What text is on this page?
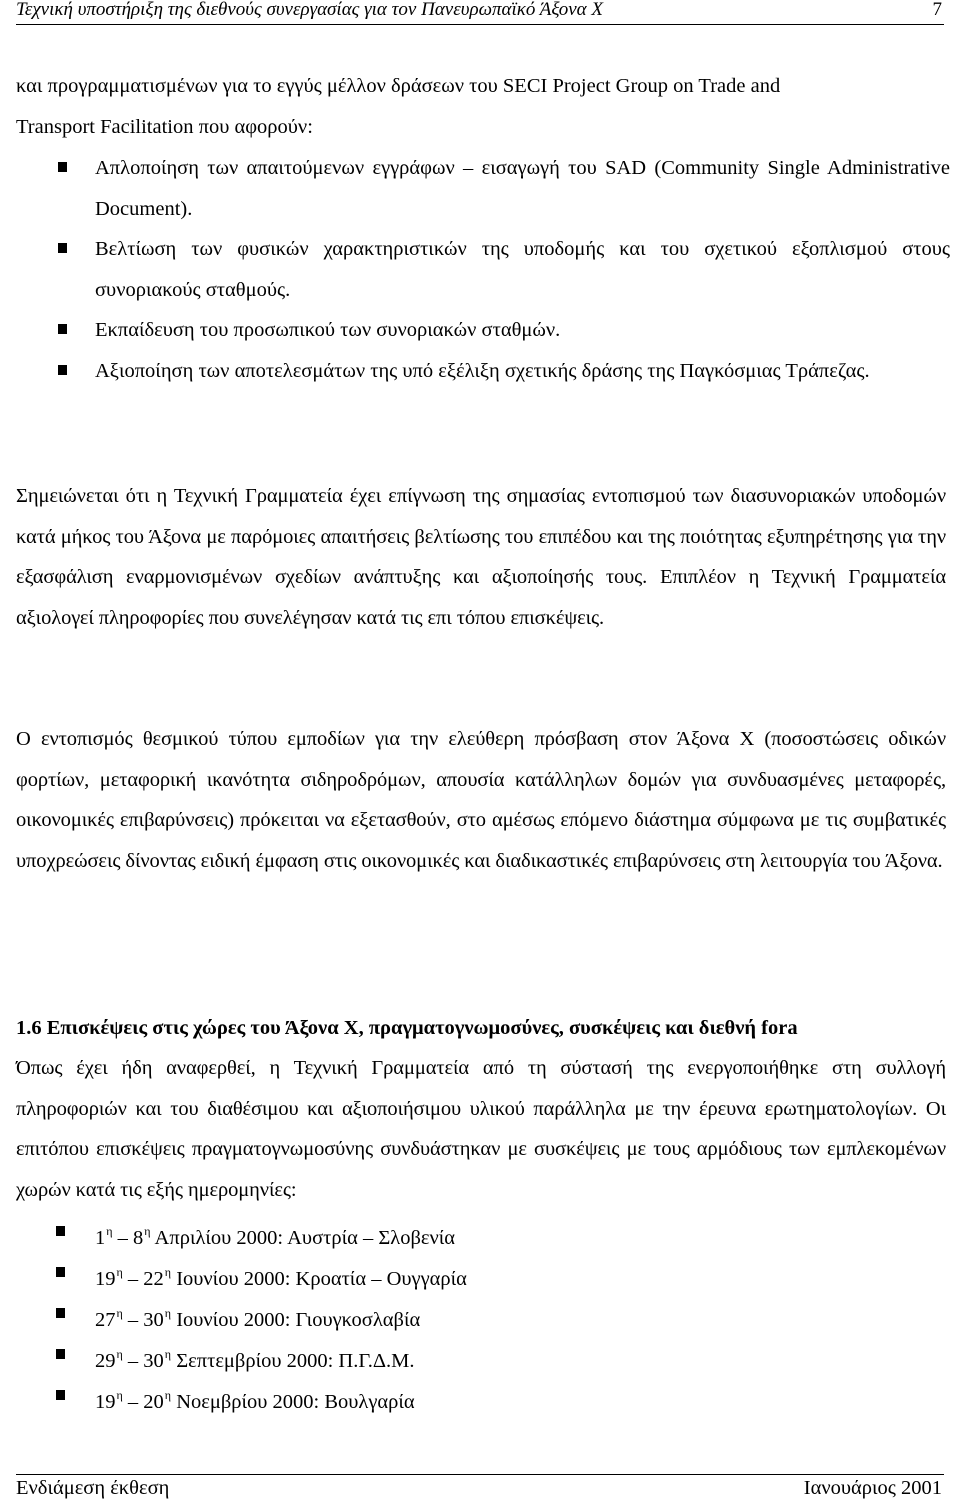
Τεχνική υποστήριξη της διεθνούς συνεργασίας για τον Πανευρωπαϊκό Άξονα Χ	7

και προγραμματισμένων για το εγγύς μέλλον δράσεων του SECI Project Group on Trade and

Transport Facilitation που αφορούν:

Απλοποίηση των απαιτούμενων εγγράφων – εισαγωγή του SAD (Community Single Administrative Document).

Βελτίωση των φυσικών χαρακτηριστικών της υποδομής και του σχετικού εξοπλισμού στους συνοριακούς σταθμούς.

Εκπαίδευση του προσωπικού των συνοριακών σταθμών.

Αξιοποίηση των αποτελεσμάτων της υπό εξέλιξη σχετικής δράσης της Παγκόσμιας Τράπεζας.

Σημειώνεται ότι η Τεχνική Γραμματεία έχει επίγνωση της σημασίας εντοπισμού των διασυνοριακών υποδομών κατά μήκος του Άξονα με παρόμοιες απαιτήσεις βελτίωσης του επιπέδου και της ποιότητας εξυπηρέτησης για την εξασφάλιση εναρμονισμένων σχεδίων ανάπτυξης και αξιοποίησής τους. Επιπλέον η Τεχνική Γραμματεία αξιολογεί πληροφορίες που συνελέγησαν κατά τις επι τόπου επισκέψεις.

Ο εντοπισμός θεσμικού τύπου εμποδίων για την ελεύθερη πρόσβαση στον Άξονα Χ (ποσοστώσεις οδικών φορτίων, μεταφορική ικανότητα σιδηροδρόμων, απουσία κατάλληλων δομών για συνδυασμένες μεταφορές, οικονομικές επιβαρύνσεις) πρόκειται να εξετασθούν, στο αμέσως επόμενο διάστημα σύμφωνα με τις συμβατικές υποχρεώσεις δίνοντας ειδική έμφαση στις οικονομικές και διαδικαστικές επιβαρύνσεις στη λειτουργία του Άξονα.

1.6 Επισκέψεις στις χώρες του Άξονα Χ, πραγματογνωμοσύνες, συσκέψεις και διεθνή fora

Όπως έχει ήδη αναφερθεί, η Τεχνική Γραμματεία από τη σύστασή της ενεργοποιήθηκε στη συλλογή πληροφοριών και του διαθέσιμου και αξιοποιήσιμου υλικού παράλληλα με την έρευνα ερωτηματολογίων. Οι επιτόπου επισκέψεις πραγματογνωμοσύνης συνδυάστηκαν με συσκέψεις με τους αρμόδιους των εμπλεκομένων χωρών κατά τις εξής ημερομηνίες:

$1^\eta - 8^\eta$ Απριλίου 2000: Αυστρία – Σλοβενία
$19^\eta - 22^\eta$ Ιουνίου 2000: Κροατία – Ουγγαρία
$27^\eta - 30^\eta$ Ιουνίου 2000: Γιουγκοσλαβία
$29^\eta - 30^\eta$ Σεπτεμβρίου 2000: Π.Γ.Δ.Μ.
$19^\eta - 20^\eta$ Νοεμβρίου 2000: Βουλγαρία
Ενδιάμεση έκθεση	Ιανουάριος 2001
